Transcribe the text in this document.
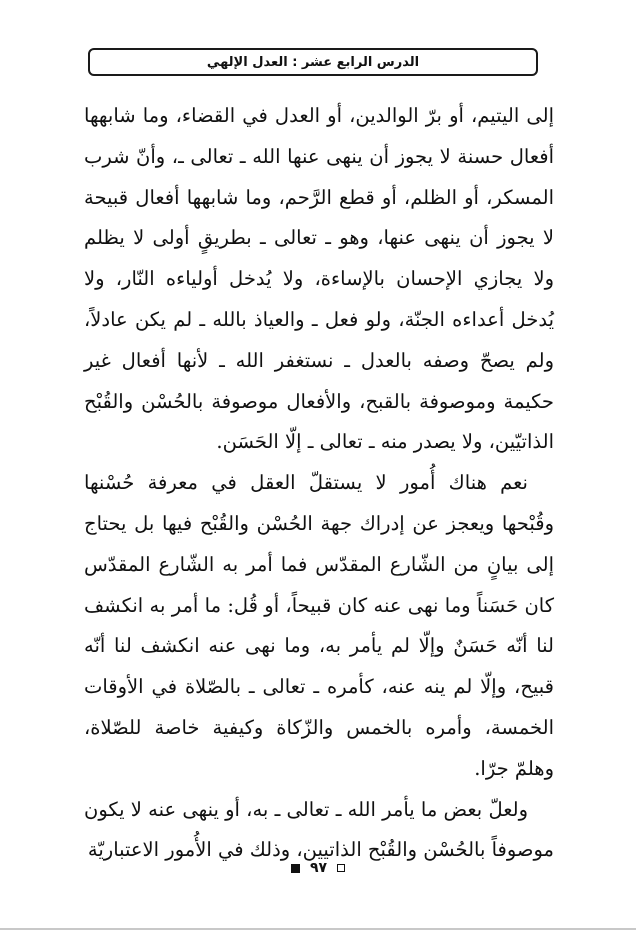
الدرس الرابع عشر : العدل الإلهي

إلى اليتيم، أو برّ الوالدين، أو العدل في القضاء، وما شابهها أفعال حسنة لا يجوز أن ينهى عنها الله ـ تعالى ـ، وأنّ شرب المسكر، أو الظلم، أو قطع الرَّحم، وما شابهها أفعال قبيحة لا يجوز أن ينهى عنها، وهو ـ تعالى ـ بطريقٍ أولى لا يظلم ولا يجازي الإحسان بالإساءة، ولا يُدخل أولياءه النّار، ولا يُدخل أعداءه الجنّة، ولو فعل ـ والعياذ بالله ـ لم يكن عادلاً، ولم يصحّ وصفه بالعدل ـ نستغفر الله ـ لأنها أفعال غير حكيمة وموصوفة بالقبح، والأفعال موصوفة بالحُسْن والقُبْح الذاتيّين، ولا يصدر منه ـ تعالى ـ إلّا الحَسَن.

نعم هناك أُمور لا يستقلّ العقل في معرفة حُسْنها وقُبْحها ويعجز عن إدراك جهة الحُسْن والقُبْح فيها بل يحتاج إلى بيانٍ من الشّارع المقدّس فما أمر به الشّارع المقدّس كان حَسَناً وما نهى عنه كان قبيحاً، أو قُل: ما أمر به انكشف لنا أنّه حَسَنٌ وإلّا لم يأمر به، وما نهى عنه انكشف لنا أنّه قبيح، وإلّا لم ينه عنه، كأمره ـ تعالى ـ بالصّلاة في الأوقات الخمسة، وأمره بالخمس والزّكاة وكيفية خاصة للصّلاة، وهلمّ جرّا.

ولعلّ بعض ما يأمر الله ـ تعالى ـ به، أو ينهى عنه لا يكون موصوفاً بالحُسْن والقُبْح الذاتيين، وذلك في الأُمور الاعتباريّة

٩٧
